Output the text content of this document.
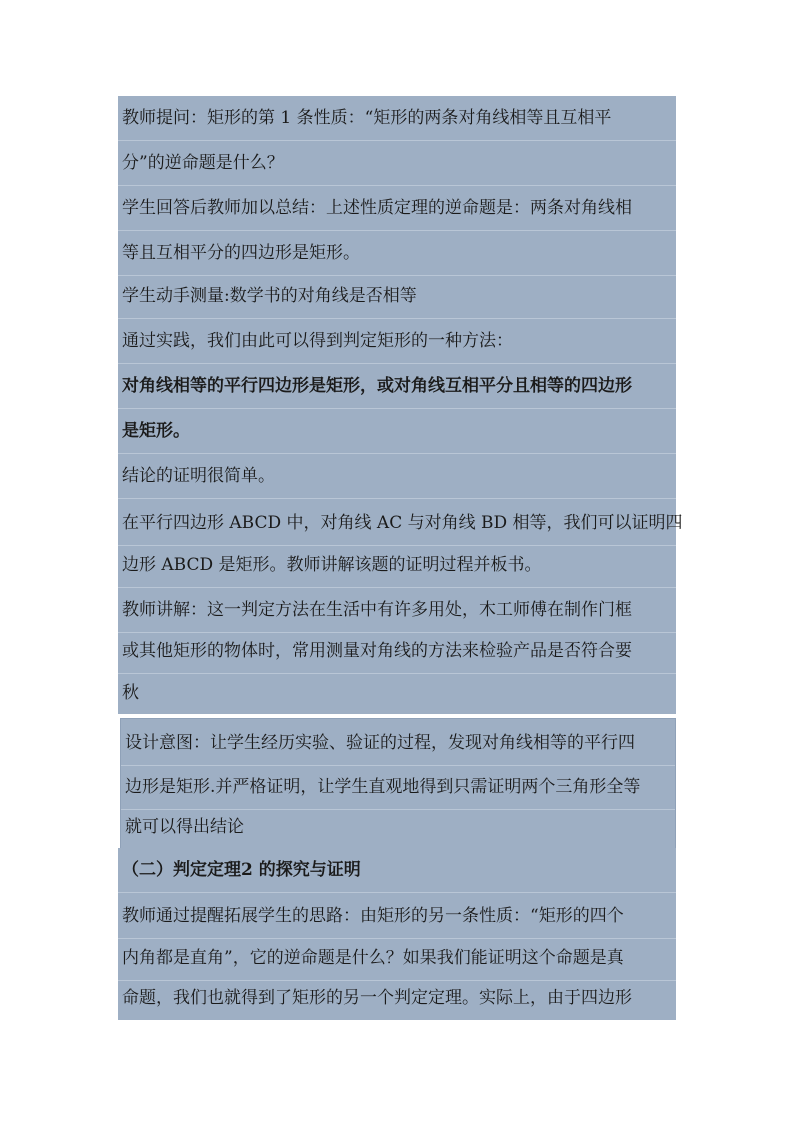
教师提问：矩形的第 1 条性质：“矩形的两条对角线相等且互相平
分”的逆命题是什么？
学生回答后教师加以总结：上述性质定理的逆命题是：两条对角线相
等且互相平分的四边形是矩形。
学生动手测量:数学书的对角线是否相等
通过实践，我们由此可以得到判定矩形的一种方法：
对角线相等的平行四边形是矩形，或对角线互相平分且相等的四边形
是矩形。
结论的证明很简单。
在平行四边形 ABCD 中，对角线 AC 与对角线 BD 相等，我们可以证明四
边形 ABCD 是矩形。教师讲解该题的证明过程并板书。
教师讲解：这一判定方法在生活中有许多用处，木工师傅在制作门框
或其他矩形的物体时，常用测量对角线的方法来检验产品是否符合要
秋
设计意图：让学生经历实验、验证的过程，发现对角线相等的平行四
边形是矩形.并严格证明，让学生直观地得到只需证明两个三角形全等
就可以得出结论
（二）判定定理2 的探究与证明
教师通过提醒拓展学生的思路：由矩形的另一条性质：“矩形的四个
内角都是直角”，它的逆命题是什么？如果我们能证明这个命题是真
命题，我们也就得到了矩形的另一个判定定理。实际上，由于四边形
